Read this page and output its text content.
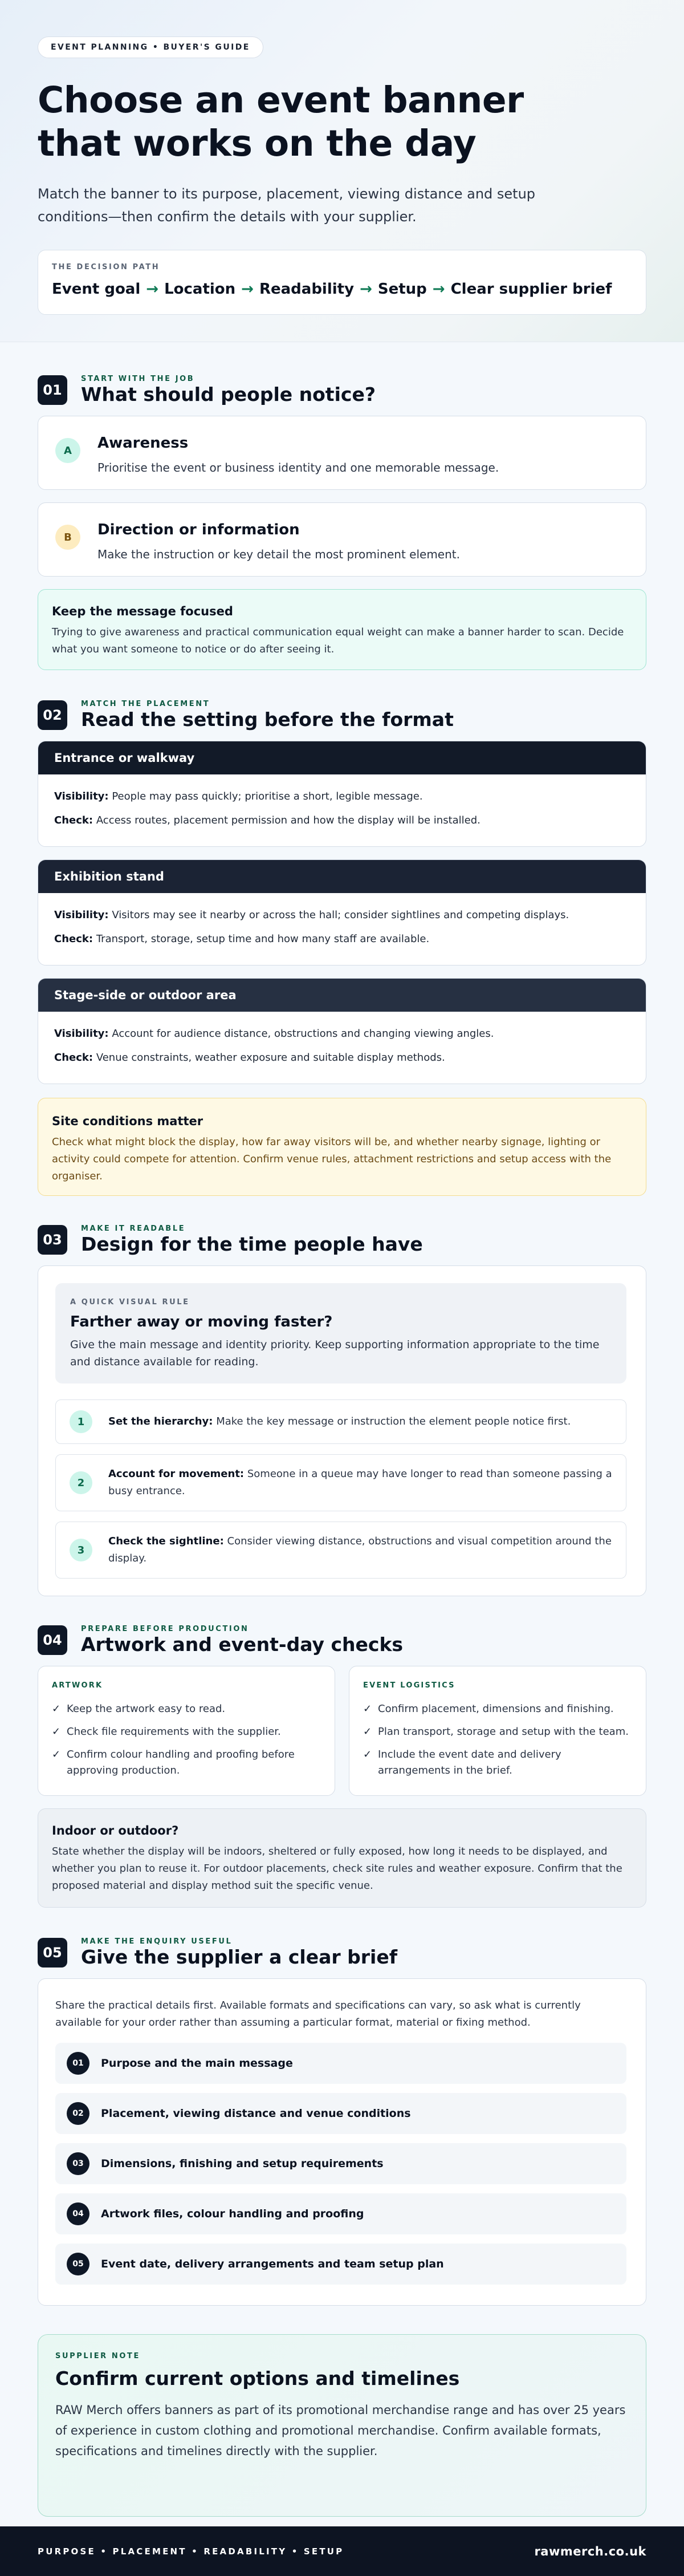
EVENT PLANNING • BUYER'S GUIDE
Choose an event banner
that works on the day

Match the banner to its purpose, placement, viewing distance and setup conditions—then confirm the details with your supplier.

THE DECISION PATH
Event goal → Location → Readability → Setup → Clear supplier brief
01
START WITH THE JOB
What should people notice?
A	Awareness
Prioritise the event or business identity and one memorable message.
B	Direction or information
Make the instruction or key detail the most prominent element.
Keep the message focused
Trying to give awareness and practical communication equal weight can make a banner harder to scan. Decide what you want someone to notice or do after seeing it.
02
MATCH THE PLACEMENT
Read the setting before the format
Entrance or walkway

Visibility: People may pass quickly; prioritise a short, legible message.

Check: Access routes, placement permission and how the display will be installed.

Exhibition stand

Visibility: Visitors may see it nearby or across the hall; consider sightlines and competing displays.

Check: Transport, storage, setup time and how many staff are available.

Stage-side or outdoor area

Visibility: Account for audience distance, obstructions and changing viewing angles.

Check: Venue constraints, weather exposure and suitable display methods.

Site conditions matter
Check what might block the display, how far away visitors will be, and whether nearby signage, lighting or activity could compete for attention. Confirm venue rules, attachment restrictions and setup access with the organiser.
03
MAKE IT READABLE
Design for the time people have
A QUICK VISUAL RULE
Farther away or moving faster?
Give the main message and identity priority. Keep supporting information appropriate to the time and distance available for reading.
1	Set the hierarchy: Make the key message or instruction the element people notice first.
2
Account for movement: Someone in a queue may have longer to read than someone passing a busy entrance.
3
Check the sightline: Consider viewing distance, obstructions and visual competition around the display.
04
PREPARE BEFORE PRODUCTION
Artwork and event-day checks
ARTWORK
✓ Keep the artwork easy to read.
✓ Check file requirements with the supplier.
✓ Confirm colour handling and proofing before approving production.
EVENT LOGISTICS
✓ Confirm placement, dimensions and finishing.
✓ Plan transport, storage and setup with the team.
✓ Include the event date and delivery arrangements in the brief.
Indoor or outdoor?
State whether the display will be indoors, sheltered or fully exposed, how long it needs to be displayed, and whether you plan to reuse it. For outdoor placements, check site rules and weather exposure. Confirm that the proposed material and display method suit the specific venue.
05
MAKE THE ENQUIRY USEFUL
Give the supplier a clear brief
Share the practical details first. Available formats and specifications can vary, so ask what is currently available for your order rather than assuming a particular format, material or fixing method.
01	Purpose and the main message
02	Placement, viewing distance and venue conditions
03	Dimensions, finishing and setup requirements
04	Artwork files, colour handling and proofing
05	Event date, delivery arrangements and team setup plan
SUPPLIER NOTE
Confirm current options and timelines
RAW Merch offers banners as part of its promotional merchandise range and has over 25 years of experience in custom clothing and promotional merchandise. Confirm available formats, specifications and timelines directly with the supplier.
PURPOSE • PLACEMENT • READABILITY • SETUP	rawmerch.co.uk
